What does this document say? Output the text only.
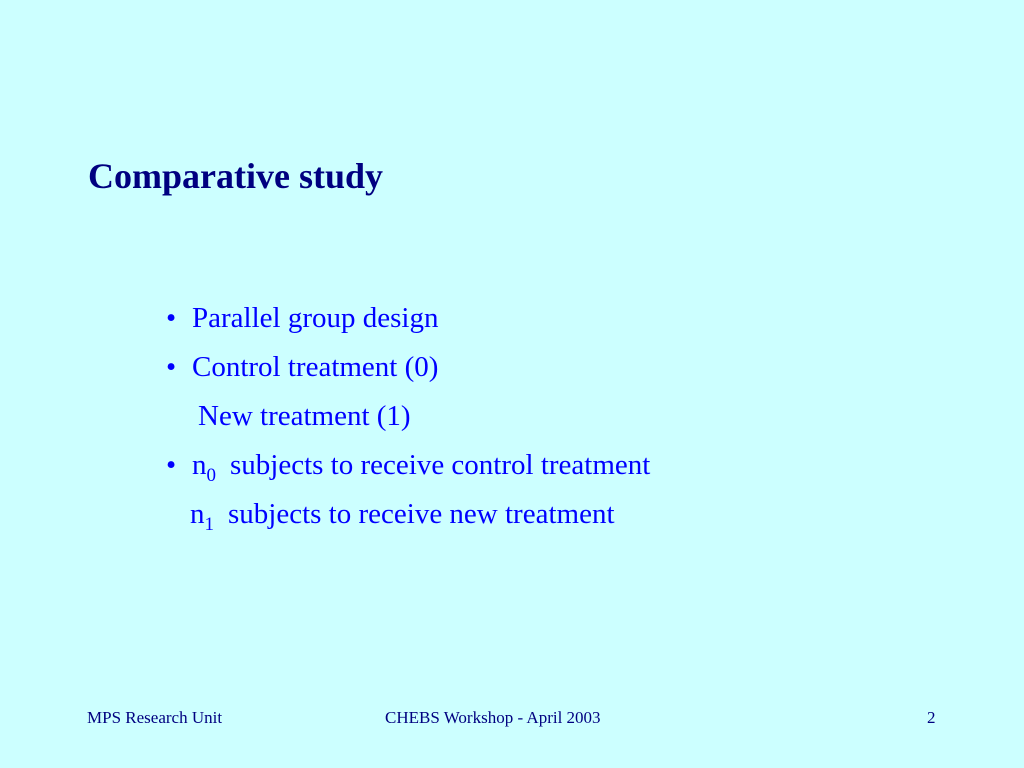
Comparative study
• Parallel group design
• Control treatment (0)
New treatment (1)
• $n_0$ subjects to receive control treatment
$n_1$ subjects to receive new treatment
MPS Research Unit	CHEBS Workshop - April 2003	2
